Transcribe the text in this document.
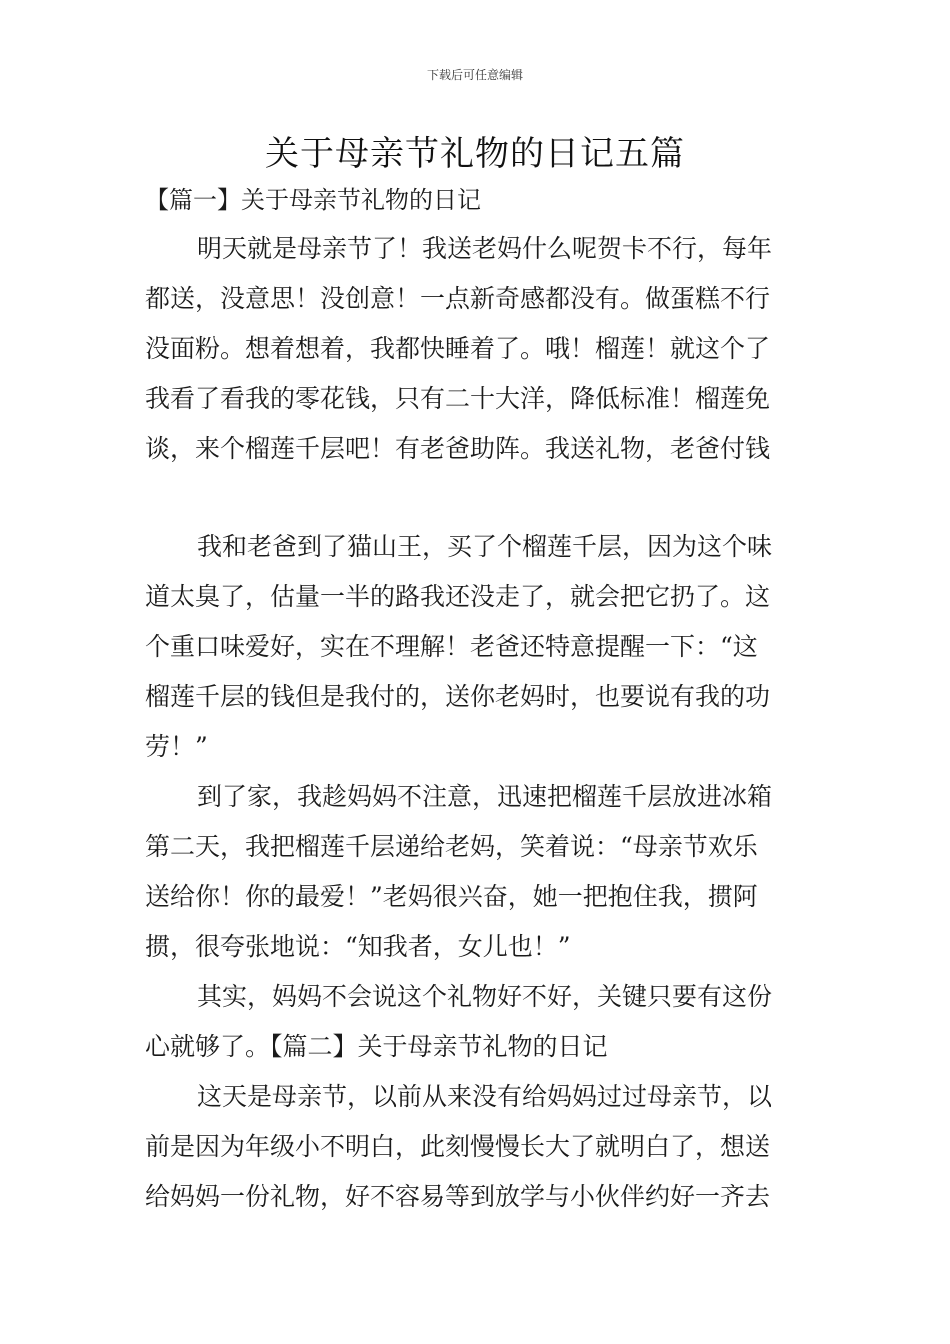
下载后可任意编辑
关于母亲节礼物的日记五篇
【篇一】关于母亲节礼物的日记
明天就是母亲节了！我送老妈什么呢贺卡不行，每年
都送，没意思！没创意！一点新奇感都没有。做蛋糕不行
没面粉。想着想着，我都快睡着了。哦！榴莲！就这个了
我看了看我的零花钱，只有二十大洋，降低标准！榴莲免
谈，来个榴莲千层吧！有老爸助阵。我送礼物，老爸付钱
我和老爸到了猫山王，买了个榴莲千层，因为这个味
道太臭了，估量一半的路我还没走了，就会把它扔了。这
个重口味爱好，实在不理解！老爸还特意提醒一下：“这
榴莲千层的钱但是我付的，送你老妈时，也要说有我的功
劳！”
到了家，我趁妈妈不注意，迅速把榴莲千层放进冰箱
第二天，我把榴莲千层递给老妈，笑着说：“母亲节欢乐
送给你！你的最爱！”老妈很兴奋，她一把抱住我，掼阿
掼，很夸张地说：“知我者，女儿也！”
其实，妈妈不会说这个礼物好不好，关键只要有这份
心就够了。【篇二】关于母亲节礼物的日记
这天是母亲节，以前从来没有给妈妈过过母亲节，以
前是因为年级小不明白，此刻慢慢长大了就明白了，想送
给妈妈一份礼物，好不容易等到放学与小伙伴约好一齐去
